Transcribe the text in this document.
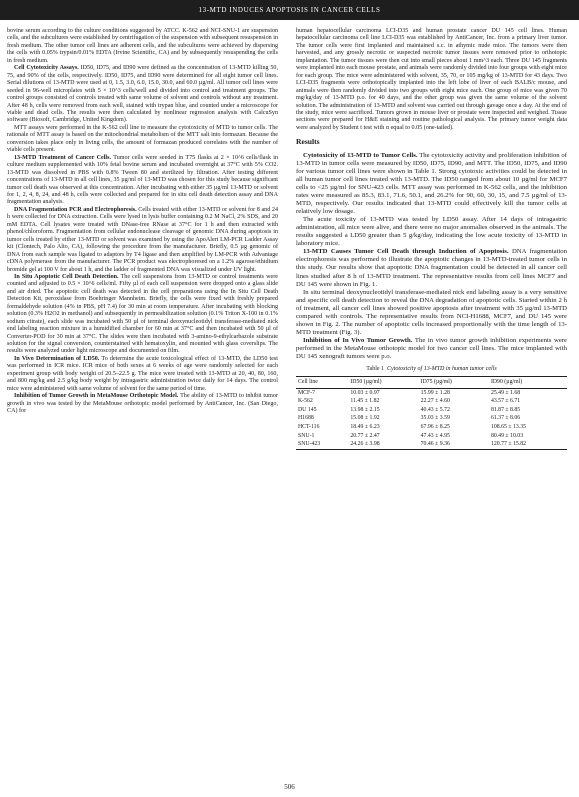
13-MTD INDUCES APOPTOSIS IN CANCER CELLS

bovine serum according to the culture conditions suggested by ATCC. K-562 and NCI-SNU-1 are suspension cells, and the subcultures were established by centrifugation of the suspension with subsequent resuspension in fresh medium. The other tumor cell lines are adherent cells, and the subcultures were achieved by dispersing the cells with 0.05% trypsin/0.01% EDTA (Irvine Scientific, CA) and by subsequently resuspending the cells in fresh medium.

Cell Cytotoxicity Assays. ID50, ID75, and ID90 were defined as the concentration of 13-MTD killing 50, 75, and 90% of the cells, respectively. ID50, ID75, and ID90 were determined for all eight tumor cell lines. Serial dilutions of 13-MTD were used at 0, 1.5, 3.0, 6.0, 15.0, 30.0, and 60.0 µg/ml. All tumor cell lines were seeded in 96-well microplates with 5 × 10^3 cells/well and divided into control and treatment groups. The control groups consisted of controls treated with same volume of solvent and controls without any treatment. After 48 h, cells were removed from each well, stained with trypan blue, and counted under a microscope for viable and dead cells. The results were then calculated by nonlinear regression analysis with CalcuSyn software (Biosoft, Cambridge, United Kingdom).

MTT assays were performed in the K-562 cell line to measure the cytotoxicity of MTD to tumor cells. The rationale of MTT assay is based on the mitochondrial metabolism of the MTT salt into formazan. Because the conversion takes place only in living cells, the amount of formazan produced correlates with the number of viable cells present.

13-MTD Treatment of Cancer Cells. Tumor cells were seeded in T75 flasks at 2 × 10^6 cells/flask in culture medium supplemented with 10% fetal bovine serum and incubated overnight at 37°C with 5% CO2. 13-MTD was dissolved in PBS with 0.8% Tween 80 and sterilized by filtration. After testing different concentrations of 13-MTD in all cell lines, 35 µg/ml of 13-MTD was chosen for this study because significant tumor cell death was observed at this concentration. After incubating with either 35 µg/ml 13-MTD or solvent for 1, 2, 4, 8, 24, and 48 h, cells were collected and prepared for in situ cell death detection assay and DNA fragmentation analysis.

DNA Fragmentation PCR and Electrophoresis. Cells treated with either 13-MTD or solvent for 8 and 24 h were collected for DNA extraction. Cells were lysed in lysis buffer containing 0.2 M NaCl, 2% SDS, and 20 mM EDTA. Cell lysates were treated with DNase-free RNase at 37°C for 1 h and then extracted with phenol/chloroform. Fragmentation from cellular endonuclease cleavage of genomic DNA during apoptosis in tumor cells treated by either 13-MTD or solvent was examined by using the ApoAlert LM-PCR Ladder Assay kit (Clontech, Palo Alto, CA), following the procedure from the manufacturer. Briefly, 0.5 µg genomic of DNA from each sample was ligated to adaptors by T4 ligase and then amplified by LM-PCR with Advantage cDNA polymerase from the manufacturer. The PCR product was electrophoresed on a 1.2% agarose/ethidium bromide gel at 100 V for about 1 h, and the ladder of fragmented DNA was visualized under UV light.

In Situ Apoptotic Cell Death Detection. The cell suspensions from 13-MTD or control treatments were counted and adjusted to 0.5 × 10^6 cells/ml. Fifty µl of each cell suspension were dropped onto a glass slide and air dried. The apoptotic cell death was detected in the cell preparations using the In Situ Cell Death Detection Kit, peroxidase from Boehringer Mannheim. Briefly, the cells were fixed with freshly prepared formaldehyde solution (4% in PBS, pH 7.4) for 30 min at room temperature. After incubating with blocking solution (0.3% H2O2 in methanol) and subsequently in permeabilization solution (0.1% Triton X-100 in 0.1% sodium citrate), each slide was incubated with 50 µl of terminal deoxynucleotidyl transferase-mediated nick end labeling reaction mixture in a humidified chamber for 60 min at 37°C and then incubated with 50 µl of Converter-POD for 30 min at 37°C. The slides were then incubated with 3-amino-9-ethylcarbazole substrate solution for the signal conversion, counterstained with hematoxylin, and mounted with glass coverslips. The results were analyzed under light microscope and documented on film.

In Vivo Determination of LD50. To determine the acute toxicological effect of 13-MTD, the LD50 test was performed in ICR mice. ICR mice of both sexes at 6 weeks of age were randomly selected for each experiment group with body weight of 20.5–22.5 g. The mice were treated with 13-MTD at 20, 40, 80, 160, and 800 mg/kg and 2.5 g/kg body weight by intragastric administration twice daily for 14 days. The control mice were administered with same volume of solvent for the same period of time.

Inhibition of Tumor Growth in MetaMouse Orthotopic Model. The ability of 13-MTD to inhibit tumor growth in vivo was tested by the MetaMouse orthotopic model performed by AntiCancer, Inc. (San Diego, CA) for

human hepatocellular carcinoma LCI-D35 and human prostate cancer DU 145 cell lines. Human hepatocellular carcinoma cell line LCI-D35 was established by AntiCancer, Inc. from a primary liver tumor. The tumor cells were first implanted and maintained s.c. in athymic nude mice. The tumors were then harvested, and any grossly necrotic or suspected necrotic tumor tissues were removed prior to orthotopic implantation. The tumor tissues were then cut into small pieces about 1 mm^3 each. Three DU 145 fragments were implanted into each mouse prostate, and animals were randomly divided into four groups with eight mice for each group. The mice were administered with solvent, 35, 70, or 105 mg/kg of 13-MTD for 43 days. Two LCI-D35 fragments were orthotopically implanted into the left lobe of liver of each BALB/c mouse, and animals were then randomly divided into two groups with eight mice each. One group of mice was given 70 mg/kg/day of 13-MTD p.o. for 40 days, and the other group was given the same volume of the solvent solution. The administration of 13-MTD and solvent was carried out through gavage once a day. At the end of the study, mice were sacrificed. Tumors grown in mouse liver or prostate were inspected and weighed. Tissue sections were prepared for H&E staining and routine pathological analysis. The primary tumor weight data were analyzed by Student t test with α equal to 0.05 (one-tailed).

Results

Cytotoxicity of 13-MTD to Tumor Cells. The cytotoxicity activity and proliferation inhibition of 13-MTD in tumor cells were measured by ID50, ID75, ID90, and MTT. The ID50, ID75, and ID90 for various tumor cell lines were shown in Table 1. Strong cytotoxic activities could be detected in all human tumor cell lines treated with 13-MTD. The ID50 ranged from about 10 µg/ml for MCF7 cells to <25 µg/ml for SNU-423 cells. MTT assay was performed in K-562 cells, and the inhibition rates were measured as 85.3, 83.1, 71.6, 50.1, and 26.2% for 90, 60, 30, 15, and 7.5 µg/ml of 13-MTD, respectively. Our results indicated that 13-MTD could effectively kill the tumor cells at relatively low dosage.

The acute toxicity of 13-MTD was tested by LD50 assay. After 14 days of intragastric administration, all mice were alive, and there were no major anomalies observed in the animals. The results suggested a LD50 greater than 5 g/kg/day, indicating the low acute toxicity of 13-MTD in laboratory mice.

13-MTD Causes Tumor Cell Death through Induction of Apoptosis. DNA fragmentation electrophoresis was performed to illustrate the apoptotic changes in 13-MTD-treated tumor cells in this study. Our results show that apoptotic DNA fragmentation could be detected in all cancer cell lines studied after 8 h of 13-MTD treatment. The representative results from cell lines MCF7 and DU 145 were shown in Fig. 1.

In situ terminal deoxynucleotidyl transferase-mediated nick end labeling assay is a very sensitive and specific cell death detection to reveal the DNA degradation of apoptotic cells. Started within 2 h of treatment, all cancer cell lines showed positive apoptosis after treatment with 35 µg/ml 13-MTD compared with controls. The representative results from NCI-H1688, MCF7, and DU 145 were shown in Fig. 2. The number of apoptotic cells increased proportionally with the time length of 13-MTD treatment (Fig. 3).

Inhibition of In Vivo Tumor Growth. The in vivo tumor growth inhibition experiments were performed in the MetaMouse orthotopic model for two cancer cell lines. The mice implanted with DU 145 xenograft tumors were p.o.

Table 1 Cytotoxicity of 13-MTD in human tumor cells
Cell line	ID50 (µg/ml)	ID75 (µg/ml)	ID90 (µg/ml)
MCF-7	10.03 ± 0.97	15.99 ± 1.28	25.49 ± 1.68
K-562	11.45 ± 1.82	22.27 ± 4.60	43.57 ± 6.71
DU 145	13.98 ± 2.15	40.43 ± 5.72	81.87 ± 8.85
H1688	15.08 ± 1.92	35.03 ± 3.59	61.37 ± 8.06
HCT-116	18.49 ± 6.23	67.96 ± 8.25	108.65 ± 13.35
SNU-1	20.77 ± 2.47	47.43 ± 4.95	80.49 ± 10.03
SNU-423	24.26 ± 3.98	70.46 ± 9.36	120.77 ± 15.82
506
